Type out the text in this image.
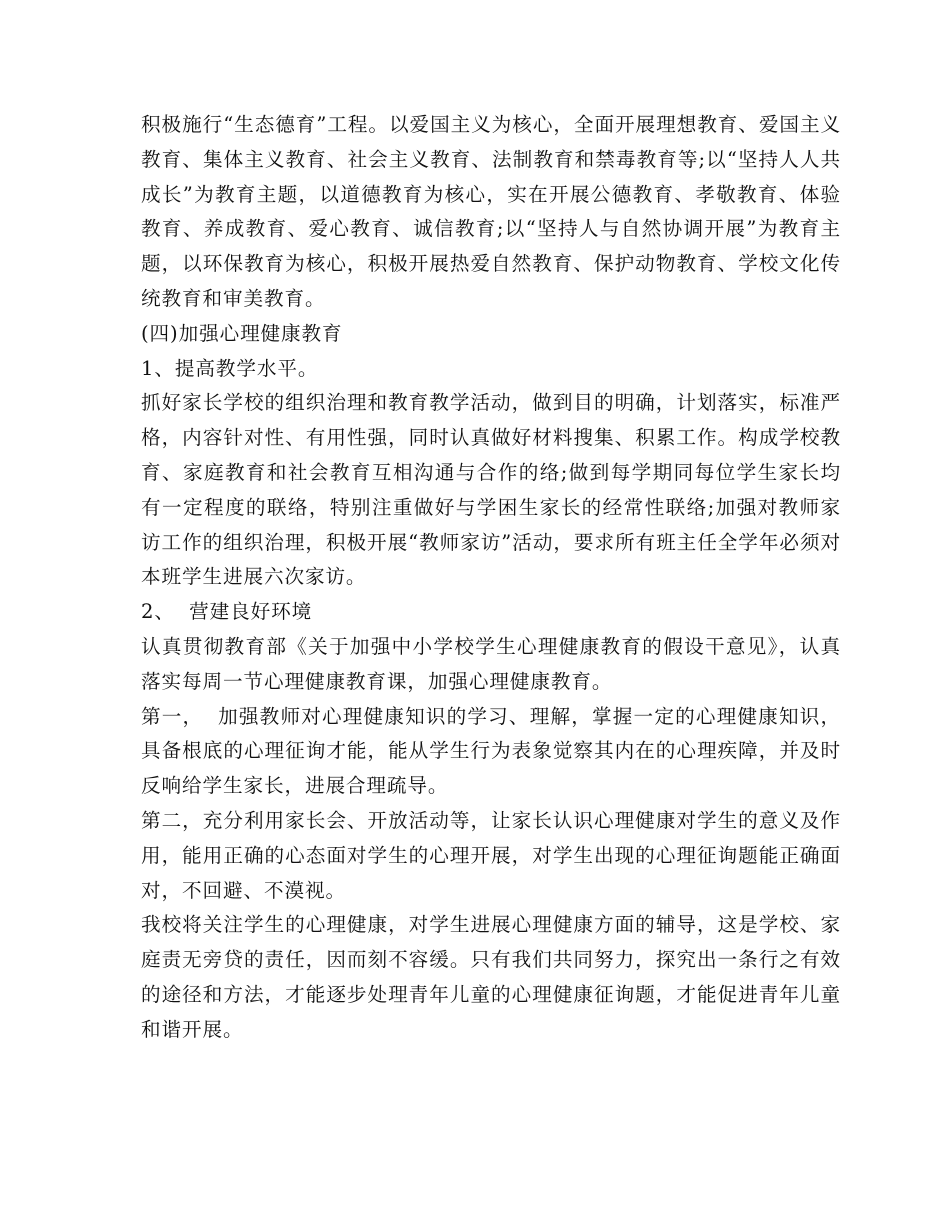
积极施行“生态德育”工程。以爱国主义为核心，全面开展理想教育、爱国主义教育、集体主义教育、社会主义教育、法制教育和禁毒教育等;以“坚持人人共成长”为教育主题，以道德教育为核心，实在开展公德教育、孝敬教育、体验教育、养成教育、爱心教育、诚信教育;以“坚持人与自然协调开展”为教育主题，以环保教育为核心，积极开展热爱自然教育、保护动物教育、学校文化传统教育和审美教育。

(四)加强心理健康教育

1、提高教学水平。

抓好家长学校的组织治理和教育教学活动，做到目的明确，计划落实，标准严格，内容针对性、有用性强，同时认真做好材料搜集、积累工作。构成学校教育、家庭教育和社会教育互相沟通与合作的络;做到每学期同每位学生家长均有一定程度的联络，特别注重做好与学困生家长的经常性联络;加强对教师家访工作的组织治理，积极开展“教师家访”活动，要求所有班主任全学年必须对本班学生进展六次家访。

2、  营建良好环境

认真贯彻教育部《关于加强中小学校学生心理健康教育的假设干意见》，认真落实每周一节心理健康教育课，加强心理健康教育。

第一，  加强教师对心理健康知识的学习、理解，掌握一定的心理健康知识，具备根底的心理征询才能，能从学生行为表象觉察其内在的心理疾障，并及时反响给学生家长，进展合理疏导。

第二，充分利用家长会、开放活动等，让家长认识心理健康对学生的意义及作用，能用正确的心态面对学生的心理开展，对学生出现的心理征询题能正确面对，不回避、不漠视。

我校将关注学生的心理健康，对学生进展心理健康方面的辅导，这是学校、家庭责无旁贷的责任，因而刻不容缓。只有我们共同努力，探究出一条行之有效的途径和方法，才能逐步处理青年儿童的心理健康征询题，才能促进青年儿童和谐开展。
